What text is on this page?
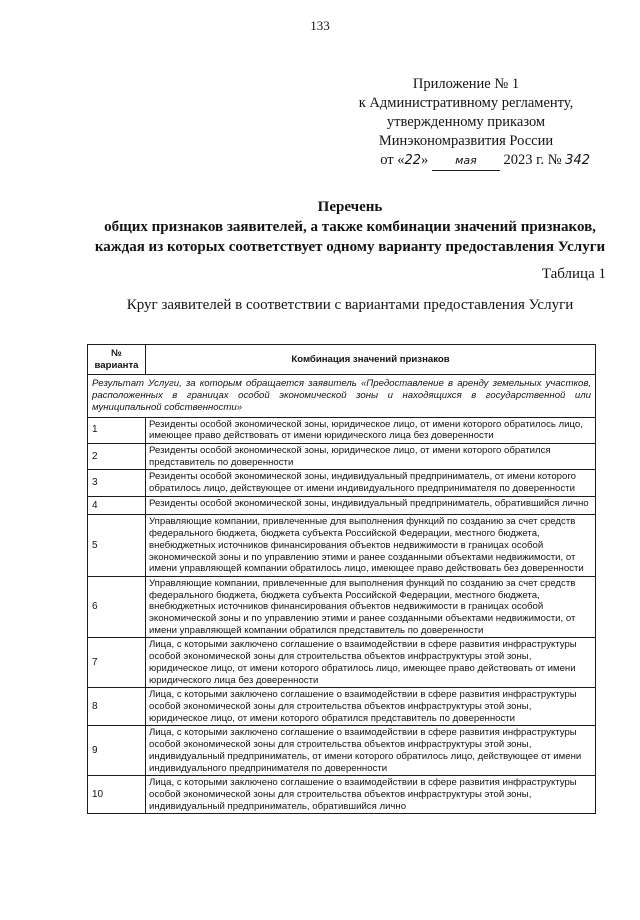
133
Приложение № 1
к Административному регламенту,
утвержденному приказом
Минэкономразвития России
от «22» мая 2023 г. № 342
Перечень
общих признаков заявителей, а также комбинации значений признаков,
каждая из которых соответствует одному варианту предоставления Услуги
Таблица 1
Круг заявителей в соответствии с вариантами предоставления Услуги
№ варианта	Комбинация значений признаков
Результат Услуги, за которым обращается заявитель «Предоставление в аренду земельных участков, расположенных в границах особой экономической зоны и находящихся в государственной или муниципальной собственности»	
1	Резиденты особой экономической зоны, юридическое лицо, от имени которого обратилось лицо, имеющее право действовать от имени юридического лица без доверенности
2	Резиденты особой экономической зоны, юридическое лицо, от имени которого обратился представитель по доверенности
3	Резиденты особой экономической зоны, индивидуальный предприниматель, от имени которого обратилось лицо, действующее от имени индивидуального предпринимателя по доверенности
4	Резиденты особой экономической зоны, индивидуальный предприниматель, обратившийся лично
5	Управляющие компании, привлеченные для выполнения функций по созданию за счет средств федерального бюджета, бюджета субъекта Российской Федерации, местного бюджета, внебюджетных источников финансирования объектов недвижимости в границах особой экономической зоны и по управлению этими и ранее созданными объектами недвижимости, от имени управляющей компании обратилось лицо, имеющее право действовать без доверенности
6	Управляющие компании, привлеченные для выполнения функций по созданию за счет средств федерального бюджета, бюджета субъекта Российской Федерации, местного бюджета, внебюджетных источников финансирования объектов недвижимости в границах особой экономической зоны и по управлению этими и ранее созданными объектами недвижимости, от имени управляющей компании обратился представитель по доверенности
7	Лица, с которыми заключено соглашение о взаимодействии в сфере развития инфраструктуры особой экономической зоны для строительства объектов инфраструктуры этой зоны, юридическое лицо, от имени которого обратилось лицо, имеющее право действовать от имени юридического лица без доверенности
8	Лица, с которыми заключено соглашение о взаимодействии в сфере развития инфраструктуры особой экономической зоны для строительства объектов инфраструктуры этой зоны, юридическое лицо, от имени которого обратился представитель по доверенности
9	Лица, с которыми заключено соглашение о взаимодействии в сфере развития инфраструктуры особой экономической зоны для строительства объектов инфраструктуры этой зоны, индивидуальный предприниматель, от имени которого обратилось лицо, действующее от имени индивидуального предпринимателя по доверенности
10	Лица, с которыми заключено соглашение о взаимодействии в сфере развития инфраструктуры особой экономической зоны для строительства объектов инфраструктуры этой зоны, индивидуальный предприниматель, обратившийся лично
